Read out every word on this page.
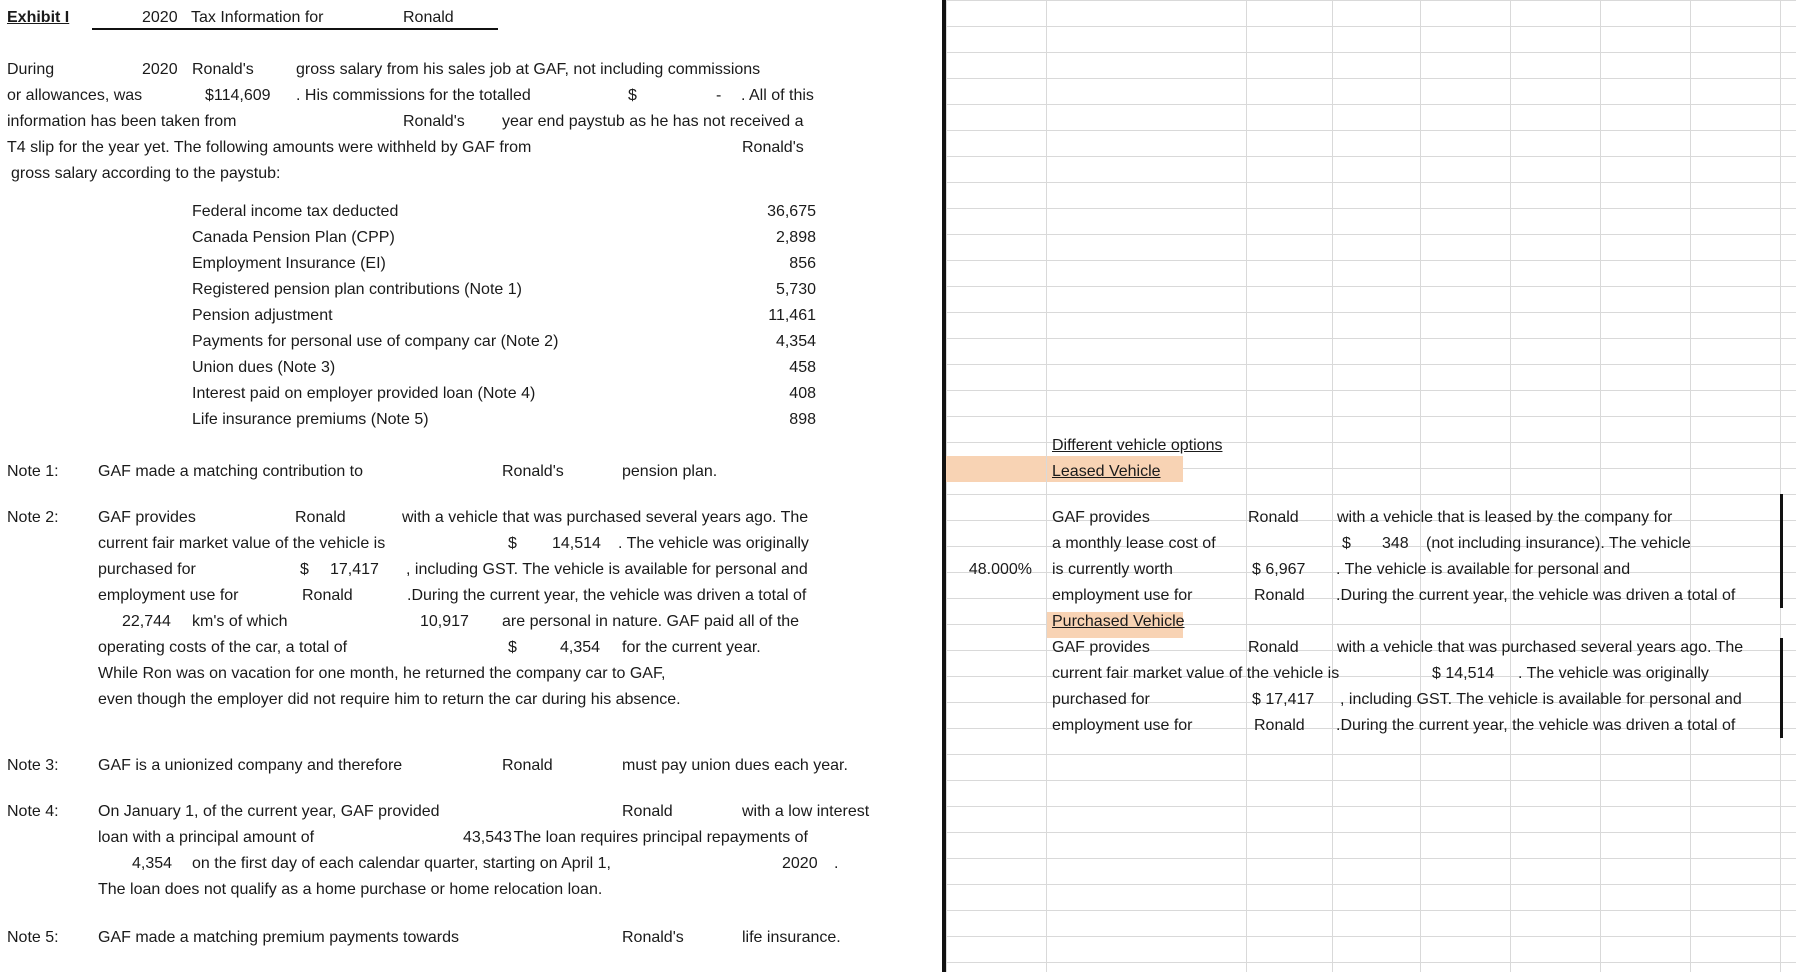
Exhibit I	2020 Tax Information for	Ronald
During	2020 Ronald's	gross salary from his sales job at GAF, not including commissions
or allowances, was	$114,609 . His commissions for the totalled	$	- . All of this
information has been taken from	Ronald's year end paystub as he has not received a
T4 slip for the year yet. The following amounts were withheld by GAF from	Ronald's
gross salary according to the paystub:
Federal income tax deducted	36,675
Canada Pension Plan (CPP)	2,898
Employment Insurance (EI)	856
Registered pension plan contributions (Note 1)	5,730
Pension adjustment	11,461
Payments for personal use of company car (Note 2)	4,354
Union dues (Note 3)	458
Interest paid on employer provided loan (Note 4)	408
Life insurance premiums (Note 5)	898
Note 1: GAF made a matching contribution to	Ronald's	pension plan.
Note 2: GAF provides	Ronald	with a vehicle that was purchased several years ago. The
current fair market value of the vehicle is	$ 14,514 . The vehicle was originally
purchased for	$ 17,417 , including GST. The vehicle is available for personal and
employment use for	Ronald	.During the current year, the vehicle was driven a total of
22,744 km's of which	10,917 are personal in nature. GAF paid all of the
operating costs of the car, a total of	$	4,354 for the current year.
While Ron was on vacation for one month, he returned the company car to GAF,
even though the employer did not require him to return the car during his absence.
Note 3: GAF is a unionized company and therefore	Ronald	must pay union dues each year.
Note 4: On January 1, of the current year, GAF provided	Ronald	with a low interest
loan with a principal amount of	43,543
. The loan requires principal repayments of
4,354 on the first day of each calendar quarter, starting on April 1,	2020 .
The loan does not qualify as a home purchase or home relocation loan.
Note 5: GAF made a matching premium payments towards	Ronald's	life insurance.
Different vehicle options
Leased Vehicle
GAF provides	Ronald with a vehicle that is leased by the company for
a monthly lease cost of	$ 348 (not including insurance). The vehicle
48.000% is currently worth	$ 6,967 . The vehicle is available for personal and
employment use for	Ronald .During the current year, the vehicle was driven a total of
Purchased Vehicle
GAF provides	Ronald with a vehicle that was purchased several years ago. The
current fair market value of the vehicle is	$ 14,514 . The vehicle was originally
purchased for	$ 17,417 , including GST. The vehicle is available for personal and
employment use for	Ronald .During the current year, the vehicle was driven a total of
